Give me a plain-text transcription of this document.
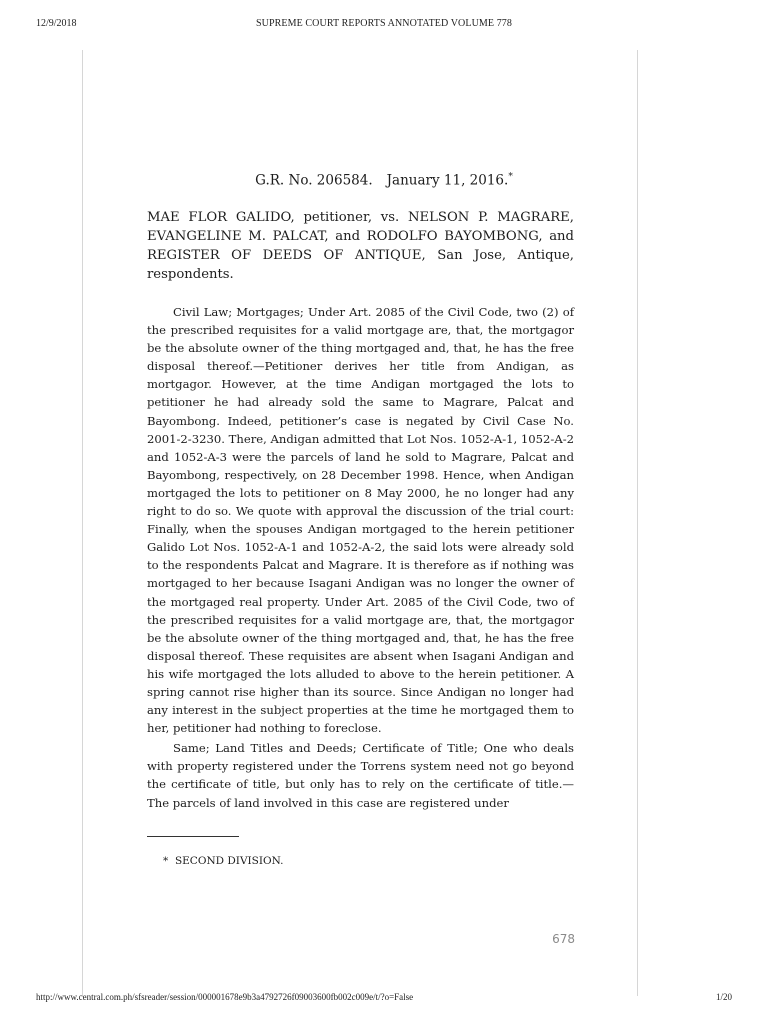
12/9/2018	SUPREME COURT REPORTS ANNOTATED VOLUME 778
G.R. No. 206584. January 11, 2016.*

MAE FLOR GALIDO, petitioner, vs. NELSON P. MAGRARE, EVANGELINE M. PALCAT, and RODOLFO BAYOMBONG, and REGISTER OF DEEDS OF ANTIQUE, San Jose, Antique, respondents.

Civil Law; Mortgages; Under Art. 2085 of the Civil Code, two (2) of the prescribed requisites for a valid mortgage are, that, the mortgagor be the absolute owner of the thing mortgaged and, that, he has the free disposal thereof.—Petitioner derives her title from Andigan, as mortgagor. However, at the time Andigan mortgaged the lots to petitioner he had already sold the same to Magrare, Palcat and Bayombong. Indeed, petitioner’s case is negated by Civil Case No. 2001-2-3230. There, Andigan admitted that Lot Nos. 1052-A-1, 1052-A-2 and 1052-A-3 were the parcels of land he sold to Magrare, Palcat and Bayombong, respectively, on 28 December 1998. Hence, when Andigan mortgaged the lots to petitioner on 8 May 2000, he no longer had any right to do so. We quote with approval the discussion of the trial court: Finally, when the spouses Andigan mortgaged to the herein petitioner Galido Lot Nos. 1052-A-1 and 1052-A-2, the said lots were already sold to the respondents Palcat and Magrare. It is therefore as if nothing was mortgaged to her because Isagani Andigan was no longer the owner of the mortgaged real property. Under Art. 2085 of the Civil Code, two of the prescribed requisites for a valid mortgage are, that, the mortgagor be the absolute owner of the thing mortgaged and, that, he has the free disposal thereof. These requisites are absent when Isagani Andigan and his wife mortgaged the lots alluded to above to the herein petitioner. A spring cannot rise higher than its source. Since Andigan no longer had any interest in the subject properties at the time he mortgaged them to her, petitioner had nothing to foreclose.

Same; Land Titles and Deeds; Certificate of Title; One who deals with property registered under the Torrens system need not go beyond the certificate of title, but only has to rely on the certificate of title.—The parcels of land involved in this case are registered under

* SECOND DIVISION.
678
http://www.central.com.ph/sfsreader/session/000001678e9b3a4792726f09003600fb002c009e/t/?o=False	1/20
